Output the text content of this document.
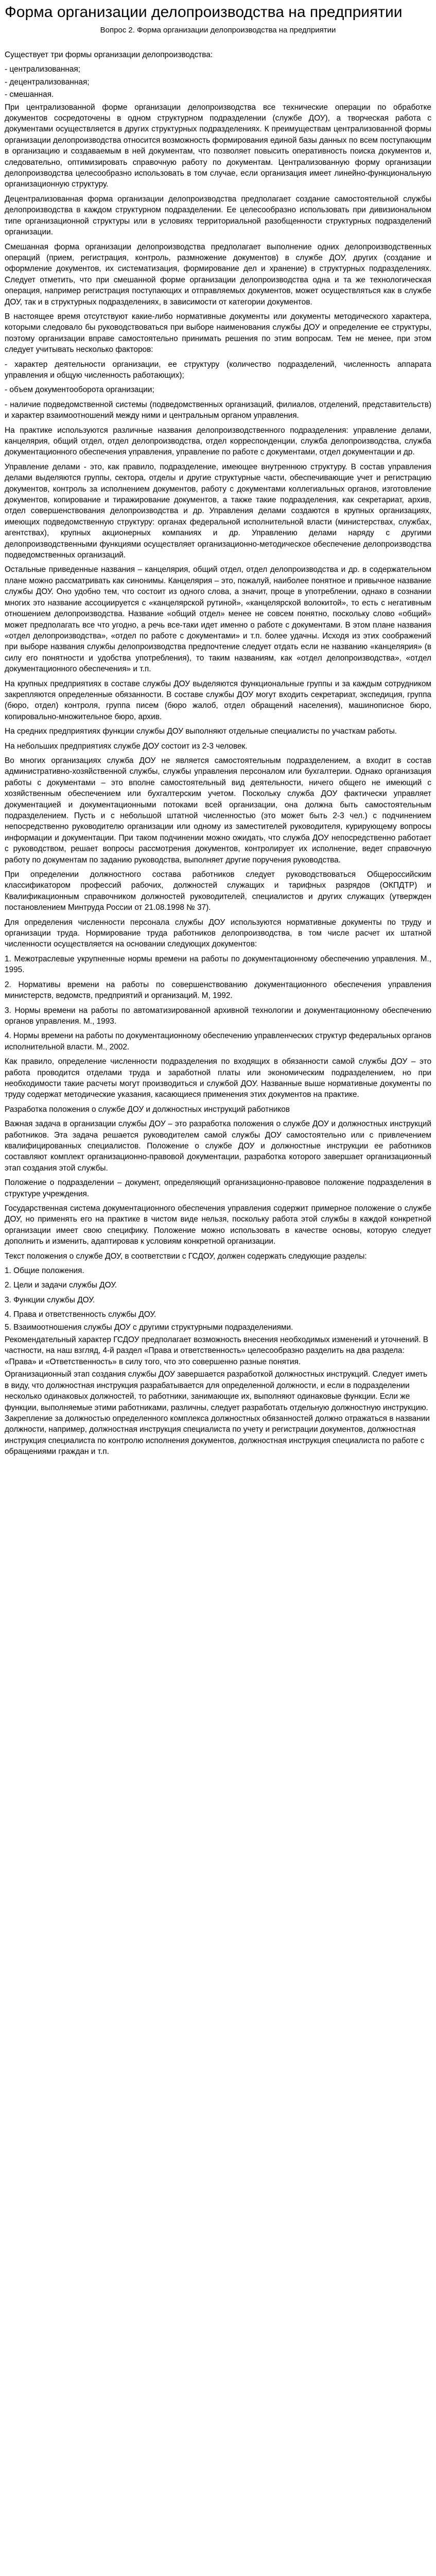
Форма организации делопроизводства на предприятии
Вопрос 2. Форма организации делопроизводства на предприятии

Существует три формы организации делопроизводства:

- централизованная;

- децентрализованная;

- смешанная.

При централизованной форме организации делопроизводства все технические операции по обработке документов сосредоточены в одном структурном подразделении (службе ДОУ), а творческая работа с документами осуществляется в других структурных подразделениях. К преимуществам централизованной формы организации делопроизводства относится возможность формирования единой базы данных по всем поступающим в организацию и создаваемым в ней документам, что позволяет повысить оперативность поиска документов и, следовательно, оптимизировать справочную работу по документам. Централизованную форму организации делопроизводства целесообразно использовать в том случае, если организация имеет линейно-функциональную организационную структуру.

Децентрализованная форма организации делопроизводства предполагает создание самостоятельной службы делопроизводства в каждом структурном подразделении. Ее целесообразно использовать при дивизиональном типе организационной структуры или в условиях территориальной разобщенности структурных подразделений организации.

Смешанная форма организации делопроизводства предполагает выполнение одних делопроизводственных операций (прием, регистрация, контроль, размножение документов) в службе ДОУ, других (создание и оформление документов, их систематизация, формирование дел и хранение) в структурных подразделениях. Следует отметить, что при смешанной форме организации делопроизводства одна и та же технологическая операция, например регистрация поступающих и отправляемых документов, может осуществляться как в службе ДОУ, так и в структурных подразделениях, в зависимости от категории документов.

В настоящее время отсутствуют какие-либо нормативные документы или документы методического характера, которыми следовало бы руководствоваться при выборе наименования службы ДОУ и определение ее структуры, поэтому организации вправе самостоятельно принимать решения по этим вопросам. Тем не менее, при этом следует учитывать несколько факторов:

- характер деятельности организации, ее структуру (количество подразделений, численность аппарата управления и общую численность работающих);

- объем документооборота организации;

- наличие подведомственной системы (подведомственных организаций, филиалов, отделений, представительств) и характер взаимоотношений между ними и центральным органом управления.

На практике используются различные названия делопроизводственного подразделения: управление делами, канцелярия, общий отдел, отдел делопроизводства, отдел корреспонденции, служба делопроизводства, служба документационного обеспечения управления, управление по работе с документами, отдел документации и др.

Управление делами - это, как правило, подразделение, имеющее внутреннюю структуру. В состав управления делами выделяются группы, сектора, отделы и другие структурные части, обеспечивающие учет и регистрацию документов, контроль за исполнением документов, работу с документами коллегиальных органов, изготовление документов, копирование и тиражирование документов, а также такие подразделения, как секретариат, архив, отдел совершенствования делопроизводства и др. Управления делами создаются в крупных организациях, имеющих подведомственную структуру: органах федеральной исполнительной власти (министерствах, службах, агентствах), крупных акционерных компаниях и др. Управлению делами наряду с другими делопроизводственными функциями осуществляет организационно-методическое обеспечение делопроизводства подведомственных организаций.

Остальные приведенные названия – канцелярия, общий отдел, отдел делопроизводства и др. в содержательном плане можно рассматривать как синонимы. Канцелярия – это, пожалуй, наиболее понятное и привычное название службы ДОУ. Оно удобно тем, что состоит из одного слова, а значит, проще в употреблении, однако в сознании многих это название ассоциируется с «канцелярской рутиной», «канцелярской волокитой», то есть с негативным отношением делопроизводства. Название «общий отдел» менее не совсем понятно, поскольку слово «общий» может предполагать все что угодно, а речь все-таки идет именно о работе с документами. В этом плане названия «отдел делопроизводства», «отдел по работе с документами» и т.п. более удачны. Исходя из этих соображений при выборе названия службы делопроизводства предпочтение следует отдать если не названию «канцелярия» (в силу его понятности и удобства употребления), то таким названиям, как «отдел делопроизводства», «отдел документационного обеспечения» и т.п.

На крупных предприятиях в составе службы ДОУ выделяются функциональные группы и за каждым сотрудником закрепляются определенные обязанности. В составе службы ДОУ могут входить секретариат, экспедиция, группа (бюро, отдел) контроля, группа писем (бюро жалоб, отдел обращений населения), машинописное бюро, копировально-множительное бюро, архив.

На средних предприятиях функции службы ДОУ выполняют отдельные специалисты по участкам работы.

На небольших предприятиях службе ДОУ состоит из 2-3 человек.

Во многих организациях служба ДОУ не является самостоятельным подразделением, а входит в состав административно-хозяйственной службы, службы управления персоналом или бухгалтерии. Однако организация работы с документами – это вполне самостоятельный вид деятельности, ничего общего не имеющий с хозяйственным обеспечением или бухгалтерским учетом. Поскольку служба ДОУ фактически управляет документацией и документационными потоками всей организации, она должна быть самостоятельным подразделением. Пусть и с небольшой штатной численностью (это может быть 2-3 чел.) с подчинением непосредственно руководителю организации или одному из заместителей руководителя, курирующему вопросы информации и документации. При таком подчинении можно ожидать, что служба ДОУ непосредственно работает с руководством, решает вопросы рассмотрения документов, контролирует их исполнение, ведет справочную работу по документам по заданию руководства, выполняет другие поручения руководства.

При определении должностного состава работников следует руководствоваться Общероссийским классификатором профессий рабочих, должностей служащих и тарифных разрядов (ОКПДТР) и Квалификационным справочником должностей руководителей, специалистов и других служащих (утвержден постановлением Минтруда России от 21.08.1998 № 37).

Для определения численности персонала службы ДОУ используются нормативные документы по труду и организации труда. Нормирование труда работников делопроизводства, в том числе расчет их штатной численности осуществляется на основании следующих документов:

1. Межотраслевые укрупненные нормы времени на работы по документационному обеспечению управления. М., 1995.

2. Нормативы времени на работы по совершенствованию документационного обеспечения управления министерств, ведомств, предприятий и организаций. М, 1992.

3. Нормы времени на работы по автоматизированной архивной технологии и документационному обеспечению органов управления. М., 1993.

4. Нормы времени на работы по документационному обеспечению управленческих структур федеральных органов исполнительной власти. М., 2002.

Как правило, определение численности подразделения по входящих в обязанности самой службы ДОУ – это работа проводится отделами труда и заработной платы или экономическим подразделением, но при необходимости такие расчеты могут производиться и службой ДОУ. Названные выше нормативные документы по труду содержат методические указания, касающиеся применения этих документов на практике.

Разработка положения о службе ДОУ и должностных инструкций работников

Важная задача в организации службы ДОУ – это разработка положения о службе ДОУ и должностных инструкций работников. Эта задача решается руководителем самой службы ДОУ самостоятельно или с привлечением квалифицированных специалистов. Положение о службе ДОУ и должностные инструкции ее работников составляют комплект организационно-правовой документации, разработка которого завершает организационный этап создания этой службы.

Положение о подразделении – документ, определяющий организационно-правовое положение подразделения в структуре учреждения.

Государственная система документационного обеспечения управления содержит примерное положение о службе ДОУ, но применять его на практике в чистом виде нельзя, поскольку работа этой службы в каждой конкретной организации имеет свою специфику. Положение можно использовать в качестве основы, которую следует дополнить и изменить, адаптировав к условиям конкретной организации.

Текст положения о службе ДОУ, в соответствии с ГСДОУ, должен содержать следующие разделы:

1. Общие положения.

2. Цели и задачи службы ДОУ.

3. Функции службы ДОУ.

4. Права и ответственность службы ДОУ.

5. Взаимоотношения службы ДОУ с другими структурными подразделениями.

Рекомендательный характер ГСДОУ предполагает возможность внесения необходимых изменений и уточнений. В частности, на наш взгляд, 4-й раздел «Права и ответственность» целесообразно разделить на два раздела: «Права» и «Ответственность» в силу того, что это совершенно разные понятия.

Организационный этап создания службы ДОУ завершается разработкой должностных инструкций. Следует иметь в виду, что должностная инструкция разрабатывается для определенной должности, и если в подразделении несколько одинаковых должностей, то работники, занимающие их, выполняют одинаковые функции. Если же функции, выполняемые этими работниками, различны, следует разработать отдельную должностную инструкцию. Закрепление за должностью определенного комплекса должностных обязанностей должно отражаться в названии должности, например, должностная инструкция специалиста по учету и регистрации документов, должностная инструкция специалиста по контролю исполнения документов, должностная инструкция специалиста по работе с обращениями граждан и т.п.
